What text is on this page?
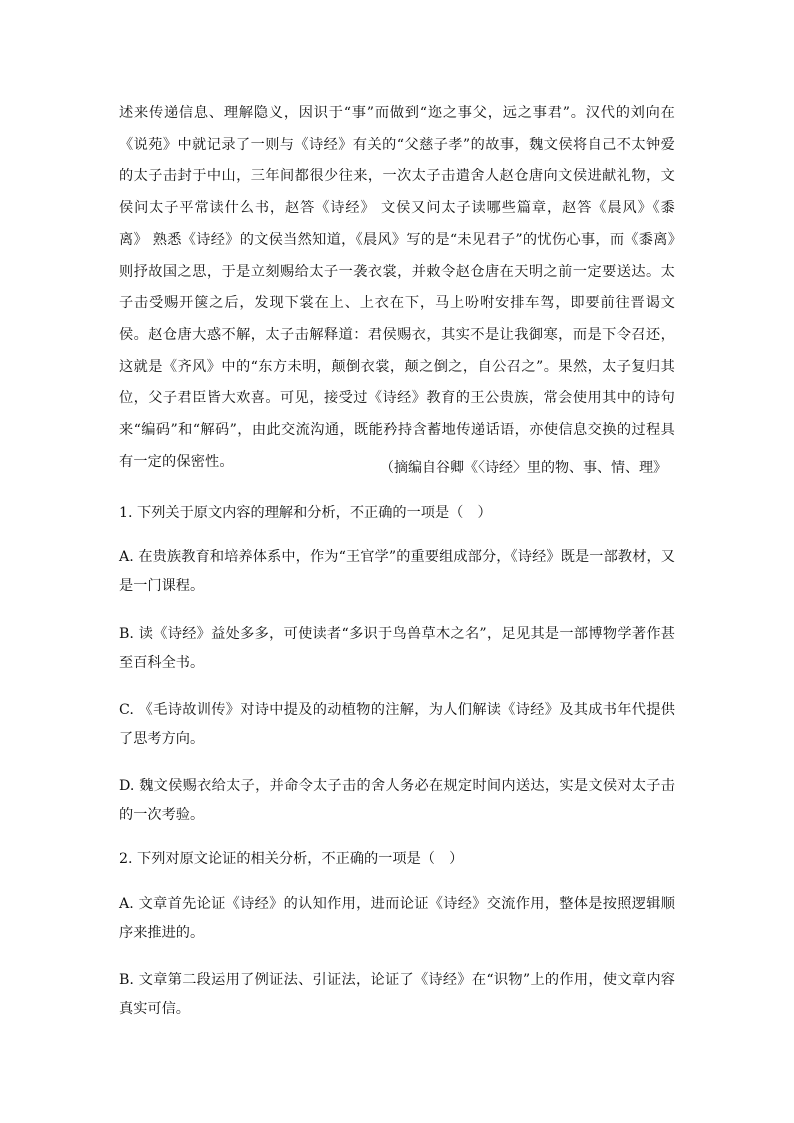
述来传递信息、理解隐义，因识于“事”而做到“迩之事父，远之事君”。汉代的刘向在《说苑》中就记录了一则与《诗经》有关的“父慈子孝”的故事，魏文侯将自己不太钟爱的太子击封于中山，三年间都很少往来，一次太子击遣舍人赵仓唐向文侯进献礼物，文侯问太子平常读什么书，赵答《诗经》 文侯又问太子读哪些篇章，赵答《晨风》《黍离》 熟悉《诗经》的文侯当然知道，《晨风》写的是“未见君子”的忧伤心事，而《黍离》则抒故国之思，于是立刻赐给太子一袭衣裳，并敕令赵仓唐在天明之前一定要送达。太子击受赐开箧之后，发现下裳在上、上衣在下，马上吩咐安排车驾，即要前往晋谒文侯。赵仓唐大惑不解，太子击解释道：君侯赐衣，其实不是让我御寒，而是下令召还，这就是《齐风》中的“东方未明，颠倒衣裳，颠之倒之，自公召之”。果然，太子复归其位，父子君臣皆大欢喜。可见，接受过《诗经》教育的王公贵族，常会使用其中的诗句来“编码”和“解码”，由此交流沟通，既能矜持含蓄地传递话语，亦使信息交换的过程具有一定的保密性。	（摘编自谷卿《〈诗经〉里的物、事、情、理》

1. 下列关于原文内容的理解和分析，不正确的一项是（　）

A. 在贵族教育和培养体系中，作为“王官学”的重要组成部分，《诗经》既是一部教材，又是一门课程。

B. 读《诗经》益处多多，可使读者“多识于鸟兽草木之名”，足见其是一部博物学著作甚至百科全书。

C. 《毛诗故训传》对诗中提及的动植物的注解，为人们解读《诗经》及其成书年代提供了思考方向。

D. 魏文侯赐衣给太子，并命令太子击的舍人务必在规定时间内送达，实是文侯对太子击的一次考验。

2. 下列对原文论证的相关分析，不正确的一项是（　）

A. 文章首先论证《诗经》的认知作用，进而论证《诗经》交流作用，整体是按照逻辑顺序来推进的。

B. 文章第二段运用了例证法、引证法，论证了《诗经》在“识物”上的作用，使文章内容真实可信。
